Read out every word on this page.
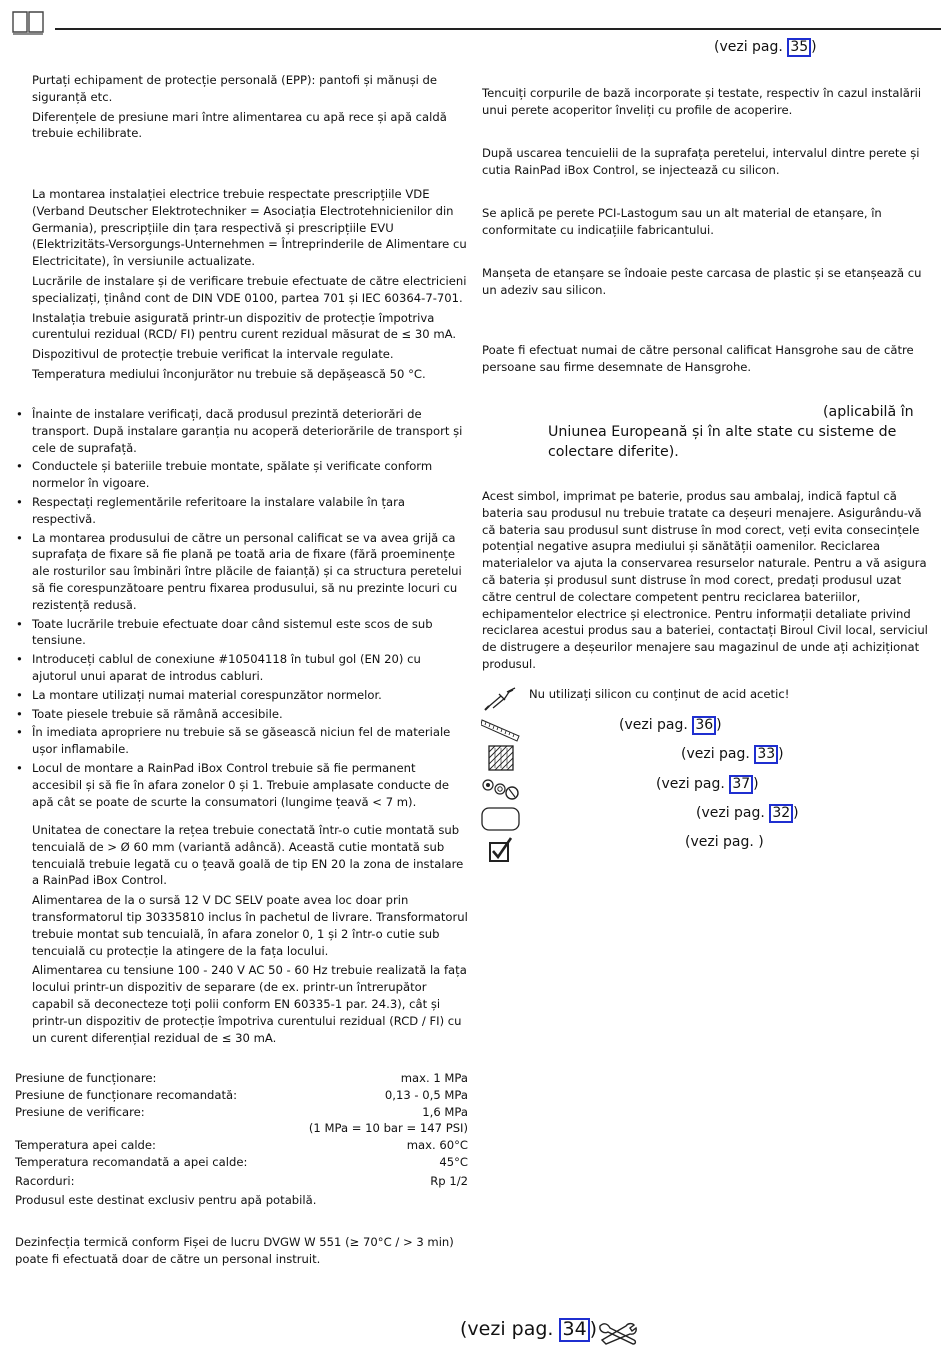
(vezi pag. 35 )

Purtați echipament de protecție personală (EPP): pantofi și mănuși de siguranță etc.

Diferențele de presiune mari între alimentarea cu apă rece și apă caldă trebuie echilibrate.

La montarea instalației electrice trebuie respectate prescripțiile VDE (Verband Deutscher Elektrotechniker = Asociația Electrotehnicienilor din Germania), prescripțiile din țara respectivă și prescripțiile EVU (Elektrizitäts-Versorgungs-Unternehmen = Întreprinderile de Alimentare cu Electricitate), în versiunile actualizate.

Lucrările de instalare și de verificare trebuie efectuate de către electricieni specializați, ținând cont de DIN VDE 0100, partea 701 și IEC 60364-7-701.

Instalația trebuie asigurată printr-un dispozitiv de protecție împotriva curentului rezidual (RCD/ FI) pentru curent rezidual măsurat de ≤ 30 mA.

Dispozitivul de protecție trebuie verificat la intervale regulate.

Temperatura mediului înconjurător nu trebuie să depășească 50 °C.

• Înainte de instalare verificați, dacă produsul prezintă deteriorări de transport. După instalare garanția nu acoperă deteriorările de transport și cele de suprafață.
• Conductele și bateriile trebuie montate, spălate și verificate conform normelor în vigoare.
• Respectați reglementările referitoare la instalare valabile în țara respectivă.
• La montarea produsului de către un personal calificat se va avea grijă ca suprafața de fixare să fie plană pe toată aria de fixare (fără proeminențe ale rosturilor sau îmbinări între plăcile de faianță) și ca structura peretelui să fie corespunzătoare pentru fixarea produsului, să nu prezinte locuri cu rezistență redusă.
• Toate lucrările trebuie efectuate doar când sistemul este scos de sub tensiune.
• Introduceți cablul de conexiune #10504118 în tubul gol (EN 20) cu ajutorul unui aparat de introdus cabluri.
• La montare utilizați numai material corespunzător normelor.
• Toate piesele trebuie să rămână accesibile.
• În imediata apropriere nu trebuie să se găsească niciun fel de materiale ușor inflamabile.
• Locul de montare a RainPad iBox Control trebuie să fie permanent accesibil și să fie în afara zonelor 0 și 1. Trebuie amplasate conducte de apă cât se poate de scurte la consumatori (lungime țeavă < 7 m).

Unitatea de conectare la rețea trebuie conectată într-o cutie montată sub tencuială de > Ø 60 mm (variantă adâncă). Această cutie montată sub tencuială trebuie legată cu o țeavă goală de tip EN 20 la zona de instalare a RainPad iBox Control.

Alimentarea de la o sursă 12 V DC SELV poate avea loc doar prin transformatorul tip 30335810 inclus în pachetul de livrare. Transformatorul trebuie montat sub tencuială, în afara zonelor 0, 1 și 2 într-o cutie sub tencuială cu protecție la atingere de la fața locului.

Alimentarea cu tensiune 100 - 240 V AC 50 - 60 Hz trebuie realizată la fața locului printr-un dispozitiv de separare (de ex. printr-un întrerupător capabil să deconecteze toți polii conform EN 60335-1 par. 24.3), cât și printr-un dispozitiv de protecție împotriva curentului rezidual (RCD / FI) cu un curent diferențial rezidual de ≤ 30 mA.

Presiune de funcționare:	max. 1 MPa
Presiune de funcționare recomandată:	0,13 - 0,5 MPa
Presiune de verificare:	1,6 MPa
(1 MPa = 10 bar = 147 PSI)
Temperatura apei calde:	max. 60°C
Temperatura recomandată a apei calde:	45°C
Racorduri:	Rp 1/2
Produsul este destinat exclusiv pentru apă potabilă.
Dezinfecția termică conform Fișei de lucru DVGW W 551 (≥ 70°C / > 3 min) poate fi efectuată doar de către un personal instruit.
Tencuiți corpurile de bază incorporate și testate, respectiv în cazul instalării unui perete acoperitor înveliți cu profile de acoperire.
După uscarea tencuielii de la suprafața peretelui, intervalul dintre perete și cutia RainPad iBox Control, se injectează cu silicon.
Se aplică pe perete PCI-Lastogum sau un alt material de etanșare, în conformitate cu indicațiile fabricantului.
Manșeta de etanșare se îndoaie peste carcasa de plastic și se etanșează cu un adeziv sau silicon.
Poate fi efectuat numai de către personal calificat Hansgrohe sau de către persoane sau firme desemnate de Hansgrohe.
(aplicabilă în Uniunea Europeană și în alte state cu sisteme de colectare diferite).
Acest simbol, imprimat pe baterie, produs sau ambalaj, indică faptul că bateria sau produsul nu trebuie tratate ca deșeuri menajere. Asigurându-vă că bateria sau produsul sunt distruse în mod corect, veți evita consecințele potențial negative asupra mediului și sănătății oamenilor. Reciclarea materialelor va ajuta la conservarea resurselor naturale. Pentru a vă asigura că bateria și produsul sunt distruse în mod corect, predați produsul uzat către centrul de colectare competent pentru reciclarea bateriilor, echipamentelor electrice și electronice. Pentru informații detaliate privind reciclarea acestui produs sau a bateriei, contactați Biroul Civil local, serviciul de distrugere a deșeurilor menajere sau magazinul de unde ați achiziționat produsul.
Nu utilizați silicon cu conținut de acid acetic!
(vezi pag. 36 )
(vezi pag. 33 )
(vezi pag. 37 )
(vezi pag. 32 )
(vezi pag. )
(vezi pag. 34 )
